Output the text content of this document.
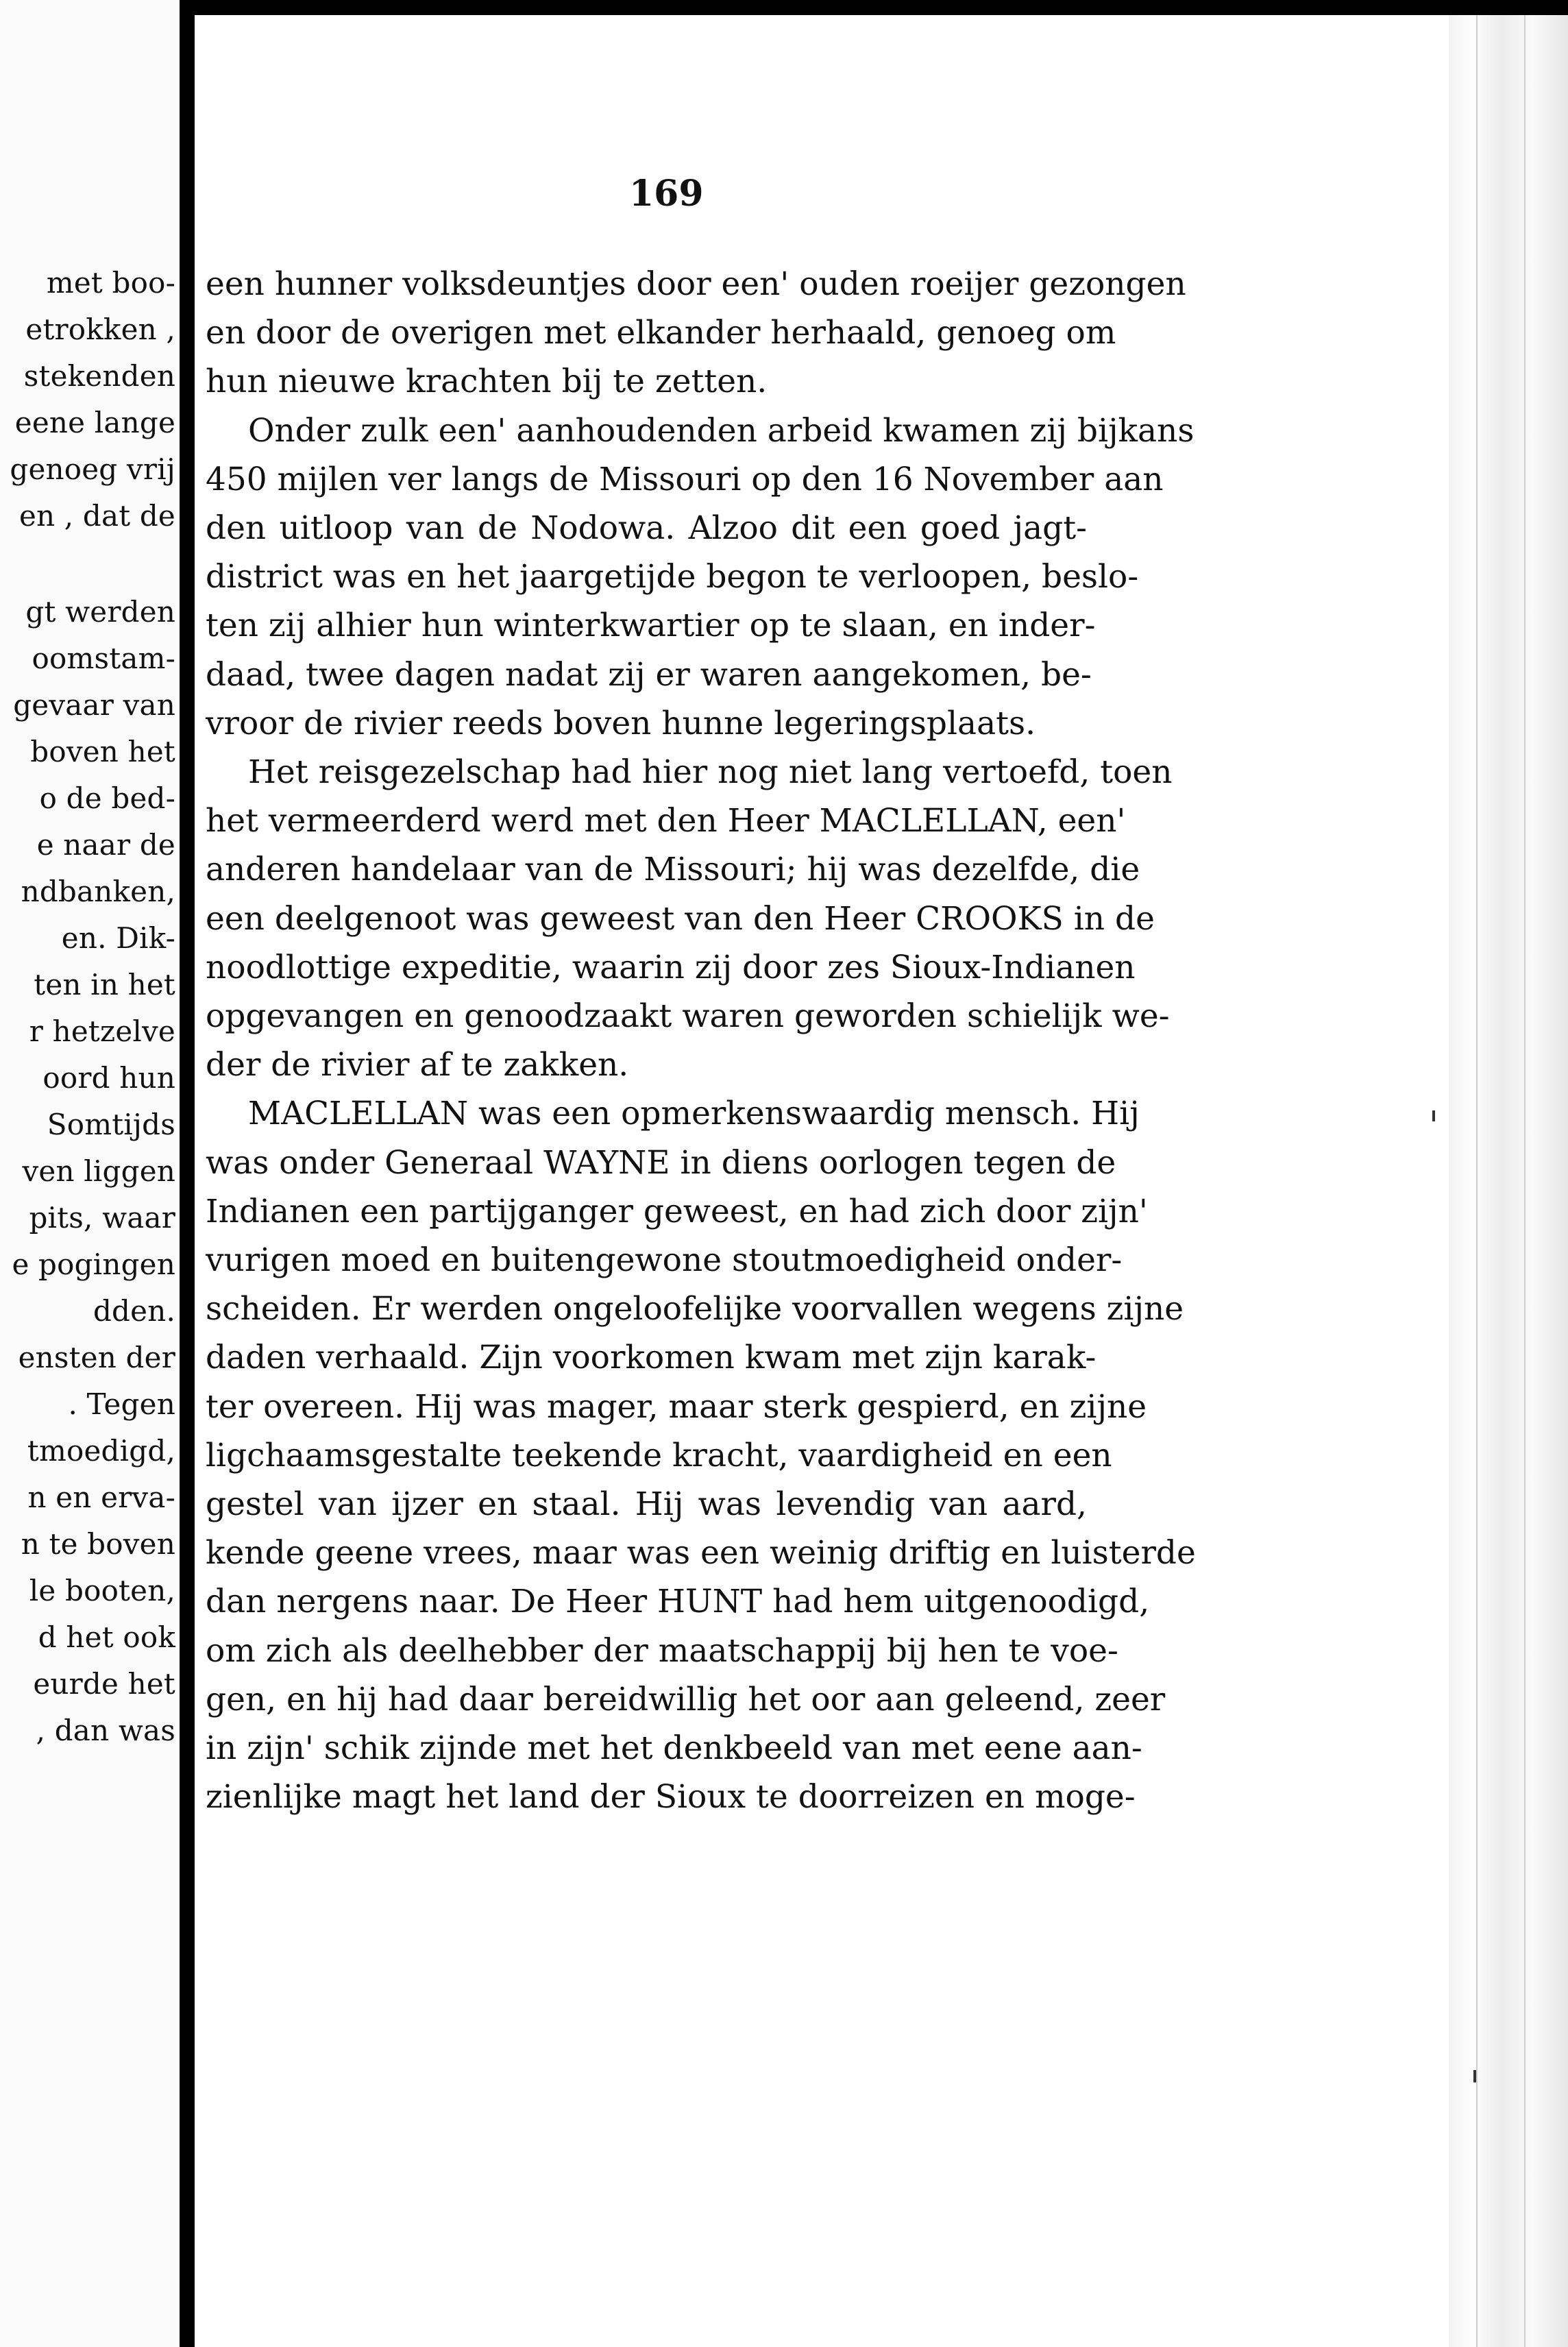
met boo-
etrokken ,
stekenden
eene lange
genoeg vrij
en , dat de
gt werden
oomstam-
gevaar van
boven het
o de bed-
e naar de
ndbanken,
en. Dik-
ten in het
r hetzelve
oord hun
Somtijds
ven liggen
pits, waar
e pogingen
dden.
ensten der
. Tegen
tmoedigd,
n en erva-
n te boven
le booten,
d het ook
eurde het
, dan was
169
een hunner volksdeuntjes door een' ouden roeijer gezongen
en door de overigen met elkander herhaald, genoeg om
hun nieuwe krachten bij te zetten.
Onder zulk een' aanhoudenden arbeid kwamen zij bijkans
450 mijlen ver langs de Missouri op den 16 November aan
den uitloop van de Nodowa. Alzoo dit een goed jagt-
district was en het jaargetijde begon te verloopen, beslo-
ten zij alhier hun winterkwartier op te slaan, en inder-
daad, twee dagen nadat zij er waren aangekomen, be-
vroor de rivier reeds boven hunne legeringsplaats.
Het reisgezelschap had hier nog niet lang vertoefd, toen
het vermeerderd werd met den Heer MACLELLAN, een'
anderen handelaar van de Missouri; hij was dezelfde, die
een deelgenoot was geweest van den Heer CROOKS in de
noodlottige expeditie, waarin zij door zes Sioux-Indianen
opgevangen en genoodzaakt waren geworden schielijk we-
der de rivier af te zakken.
MACLELLAN was een opmerkenswaardig mensch. Hij
was onder Generaal WAYNE in diens oorlogen tegen de
Indianen een partijganger geweest, en had zich door zijn'
vurigen moed en buitengewone stoutmoedigheid onder-
scheiden. Er werden ongeloofelijke voorvallen wegens zijne
daden verhaald. Zijn voorkomen kwam met zijn karak-
ter overeen. Hij was mager, maar sterk gespierd, en zijne
ligchaamsgestalte teekende kracht, vaardigheid en een
gestel van ijzer en staal. Hij was levendig van aard,
kende geene vrees, maar was een weinig driftig en luisterde
dan nergens naar. De Heer HUNT had hem uitgenoodigd,
om zich als deelhebber der maatschappij bij hen te voe-
gen, en hij had daar bereidwillig het oor aan geleend, zeer
in zijn' schik zijnde met het denkbeeld van met eene aan-
zienlijke magt het land der Sioux te doorreizen en moge-
